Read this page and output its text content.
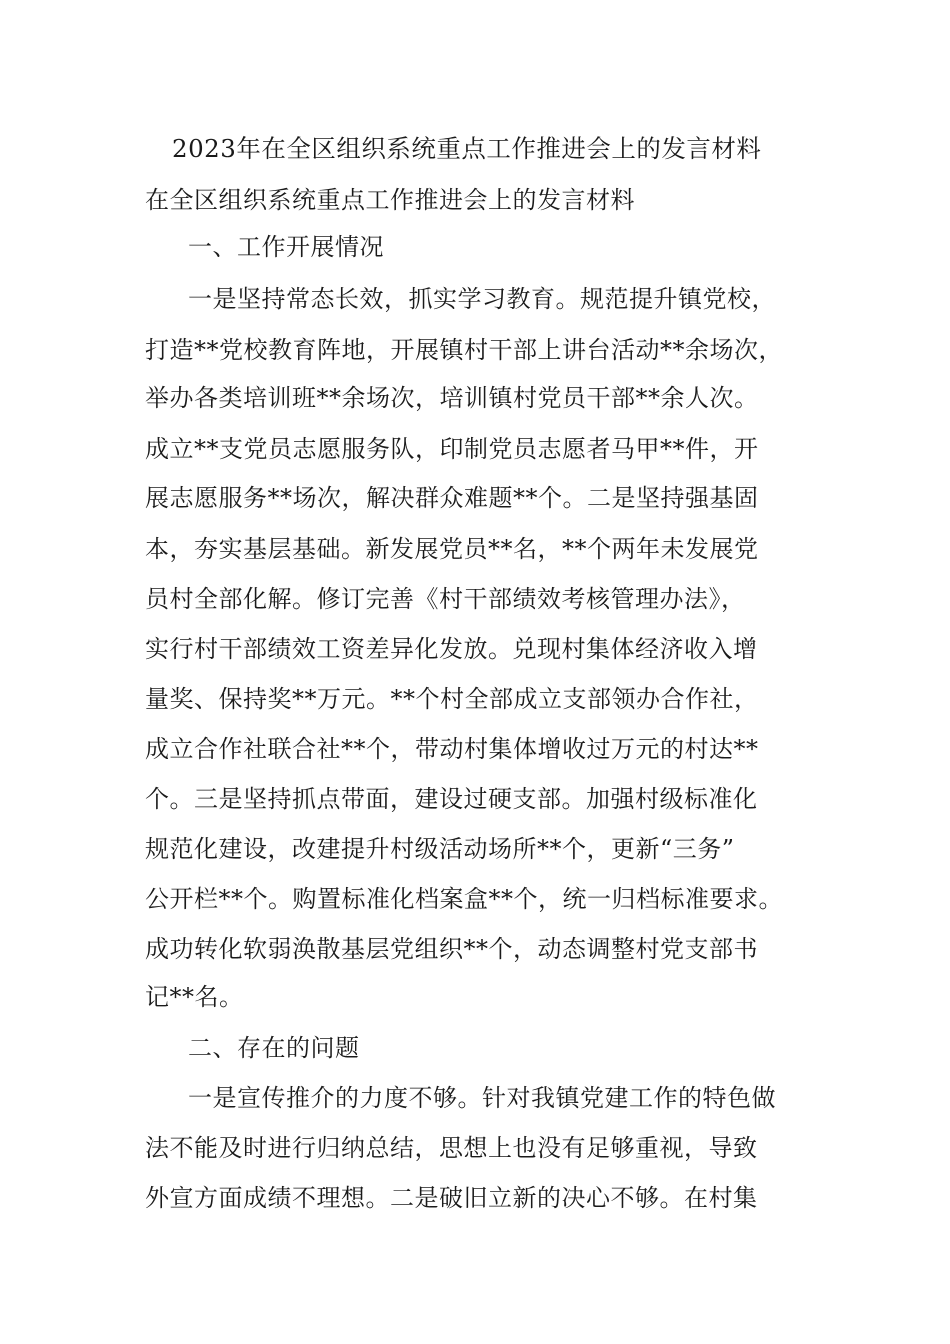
2023年在全区组织系统重点工作推进会上的发言材料
在全区组织系统重点工作推进会上的发言材料
一、工作开展情况
一是坚持常态长效，抓实学习教育。规范提升镇党校，
打造**党校教育阵地，开展镇村干部上讲台活动**余场次，
举办各类培训班**余场次，培训镇村党员干部**余人次。
成立**支党员志愿服务队，印制党员志愿者马甲**件，开
展志愿服务**场次，解决群众难题**个。二是坚持强基固
本，夯实基层基础。新发展党员**名，**个两年未发展党
员村全部化解。修订完善《村干部绩效考核管理办法》，
实行村干部绩效工资差异化发放。兑现村集体经济收入增
量奖、保持奖**万元。**个村全部成立支部领办合作社，
成立合作社联合社**个，带动村集体增收过万元的村达**
个。三是坚持抓点带面，建设过硬支部。加强村级标准化
规范化建设，改建提升村级活动场所**个，更新“三务”
公开栏**个。购置标准化档案盒**个，统一归档标准要求。
成功转化软弱涣散基层党组织**个，动态调整村党支部书
记**名。
二、存在的问题
一是宣传推介的力度不够。针对我镇党建工作的特色做
法不能及时进行归纳总结，思想上也没有足够重视，导致
外宣方面成绩不理想。二是破旧立新的决心不够。在村集
